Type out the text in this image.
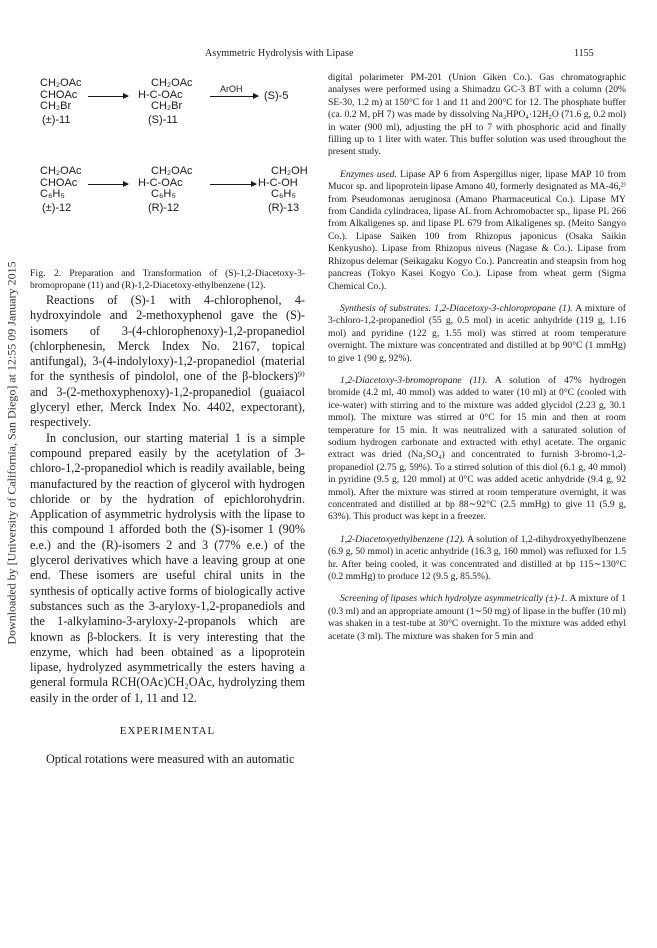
Asymmetric Hydrolysis with Lipase	1155
Downloaded by [University of California, San Diego] at 12:55 09 January 2015
CH₂OAc
CHOAc
CH₂Br
CH₂OAc
H-C-OAc
CH₂Br
ArOH
→ (S)-5
(±)-11	(S)-11
CH₂OAc
CHOAc
C₆H₅
CH₂OAc
H-C-OAc
C₆H₅
CH₂OH
H-C-OH
C₆H₅
(±)-12	(R)-12	(R)-13
Fig. 2. Preparation and Transformation of (S)-1,2-Diacetoxy-3-bromopropane (11) and (R)-1,2-Diacetoxy-ethylbenzene (12).

Reactions of (S)-1 with 4-chlorophenol, 4-hydroxyindole and 2-methoxyphenol gave the (S)-isomers of 3-(4-chlorophenoxy)-1,2-propanediol (chlorphenesin, Merck Index No. 2167, topical antifungal), 3-(4-indolyloxy)-1,2-propanediol (material for the synthesis of pindolol, one of the β-blockers)⁹⁾ and 3-(2-methoxyphenoxy)-1,2-propanediol (guaiacol glyceryl ether, Merck Index No. 4402, expectorant), respectively.

In conclusion, our starting material 1 is a simple compound prepared easily by the acetylation of 3-chloro-1,2-propanediol which is readily available, being manufactured by the reaction of glycerol with hydrogen chloride or by the hydration of epichlorohydrin. Application of asymmetric hydrolysis with the lipase to this compound 1 afforded both the (S)-isomer 1 (90% e.e.) and the (R)-isomers 2 and 3 (77% e.e.) of the glycerol derivatives which have a leaving group at one end. These isomers are useful chiral units in the synthesis of optically active forms of biologically active substances such as the 3-aryloxy-1,2-propanediols and the 1-alkylamino-3-aryloxy-2-propanols which are known as β-blockers. It is very interesting that the enzyme, which had been obtained as a lipoprotein lipase, hydrolyzed asymmetrically the esters having a general formula RCH(OAc)CH₂OAc, hydrolyzing them easily in the order of 1, 11 and 12.

EXPERIMENTAL

Optical rotations were measured with an automatic

digital polarimeter PM-201 (Union Giken Co.). Gas chromatographic analyses were performed using a Shimadzu GC-3 BT with a column (20% SE-30, 1.2 m) at 150°C for 1 and 11 and 200°C for 12. The phosphate buffer (ca. 0.2 M, pH 7) was made by dissolving Na₂HPO₄·12H₂O (71.6 g, 0.2 mol) in water (900 ml), adjusting the pH to 7 with phosphoric acid and finally filling up to 1 liter with water. This buffer solution was used throughout the present study.

Enzymes used. Lipase AP 6 from Aspergillus niger, lipase MAP 10 from Mucor sp. and lipoprotein lipase Amano 40, formerly designated as MA-46,²⁾ from Pseudomonas aeruginosa (Amano Pharmaceutical Co.). Lipase MY from Candida cylindracea, lipase AL from Achromobacter sp., lipase PL 266 from Alkaligenes sp. and lipase PL 679 from Alkaligenes sp. (Meito Sangyo Co.). Lipase Saiken 100 from Rhizopus japonicus (Osaka Saikin Kenkyusho). Lipase from Rhizopus niveus (Nagase & Co.). Lipase from Rhizopus delemar (Seikagaku Kogyo Co.). Pancreatin and steapsin from hog pancreas (Tokyo Kasei Kogyo Co.). Lipase from wheat germ (Sigma Chemical Co.).

Synthesis of substrates. 1,2-Diacetoxy-3-chloropropane (1). A mixture of 3-chloro-1,2-propanediol (55 g, 0.5 mol) in acetic anhydride (119 g, 1.16 mol) and pyridine (122 g, 1.55 mol) was stirred at room temperature overnight. The mixture was concentrated and distilled at bp 90°C (1 mmHg) to give 1 (90 g, 92%).

1,2-Diacetoxy-3-bromopropane (11). A solution of 47% hydrogen bromide (4.2 ml, 40 mmol) was added to water (10 ml) at 0°C (cooled with ice-water) with stirring and to the mixture was added glycidol (2.23 g, 30.1 mmol). The mixture was stirred at 0°C for 15 min and then at room temperature for 15 min. It was neutralized with a saturated solution of sodium hydrogen carbonate and extracted with ethyl acetate. The organic extract was dried (Na₂SO₄) and concentrated to furnish 3-bromo-1,2-propanediol (2.75 g, 59%). To a stirred solution of this diol (6.1 g, 40 mmol) in pyridine (9.5 g, 120 mmol) at 0°C was added acetic anhydride (9.4 g, 92 mmol). After the mixture was stirred at room temperature overnight, it was concentrated and distilled at bp 88∼92°C (2.5 mmHg) to give 11 (5.9 g, 63%). This product was kept in a freezer.

1,2-Diacetoxyethylbenzene (12). A solution of 1,2-dihydroxyethylbenzene (6.9 g, 50 mmol) in acetic anhydride (16.3 g, 160 mmol) was refluxed for 1.5 hr. After being cooled, it was concentrated and distilled at bp 115∼130°C (0.2 mmHg) to produce 12 (9.5 g, 85.5%).

Screening of lipases which hydrolyze asymmetrically (±)-1. A mixture of 1 (0.3 ml) and an appropriate amount (1∼50 mg) of lipase in the buffer (10 ml) was shaken in a test-tube at 30°C overnight. To the mixture was added ethyl acetate (3 ml). The mixture was shaken for 5 min and
